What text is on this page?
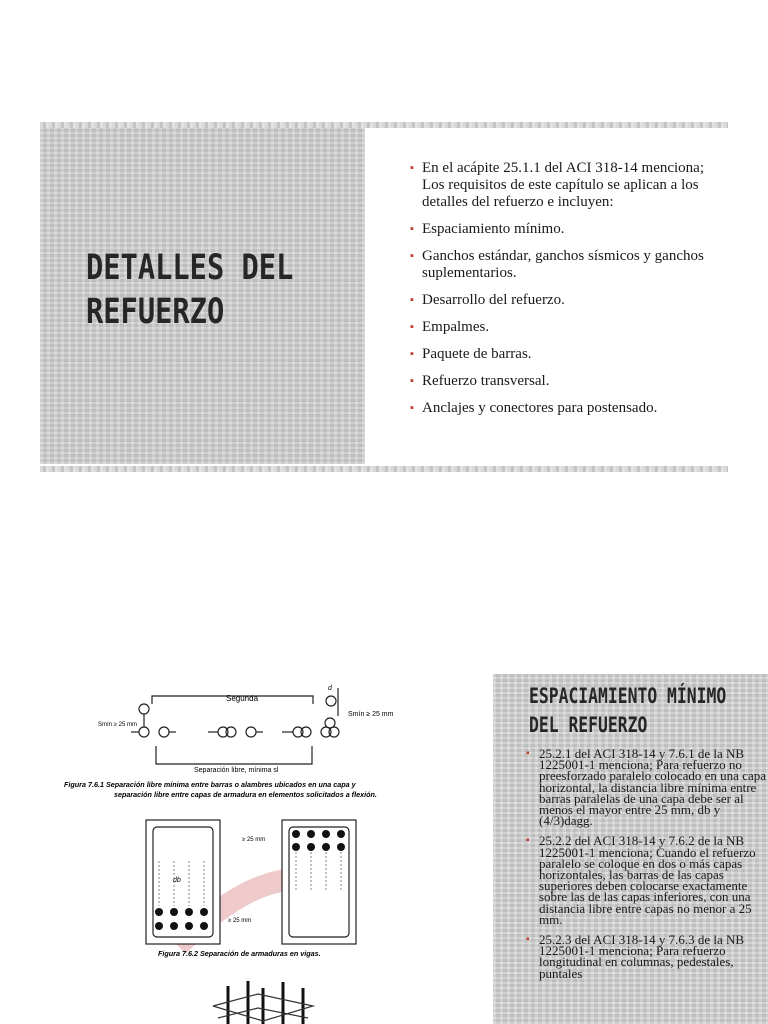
DETALLES DEL REFUERZO
▪ En el acápite 25.1.1 del ACI 318-14 menciona; Los requisitos de este capítulo se aplican a los detalles del refuerzo e incluyen:
▪ Espaciamiento mínimo.
▪ Ganchos estándar, ganchos sísmicos y ganchos suplementarios.
▪ Desarrollo del refuerzo.
▪ Empalmes.
▪ Paquete de barras.
▪ Refuerzo transversal.
▪ Anclajes y conectores para postensado.
Segunda
Smín ≥ 25 mm
Smín ≥ 25 mm
Separación libre, mínima sl
d
Figura 7.6.1 Separación libre mínima entre barras o alambres ubicados en una capa y
separación libre entre capas de armadura en elementos solicitados a flexión.
db
≥ 25 mm
≥ 25 mm
Figura 7.6.2 Separación de armaduras en vigas.
ESPACIAMIENTO MÍNIMO
DEL REFUERZO
▪ 25.2.1 del ACI 318-14 y 7.6.1 de la NB 1225001-1 menciona; Para refuerzo no preesforzado paralelo colocado en una capa horizontal, la distancia libre mínima entre barras paralelas de una capa debe ser al menos el mayor entre 25 mm, db y (4/3)dagg.
▪ 25.2.2 del ACI 318-14 y 7.6.2 de la NB 1225001-1 menciona; Cuando el refuerzo paralelo se coloque en dos o más capas horizontales, las barras de las capas superiores deben colocarse exactamente sobre las de las capas inferiores, con una distancia libre entre capas no menor a 25 mm.
▪ 25.2.3 del ACI 318-14 y 7.6.3 de la NB 1225001-1 menciona; Para refuerzo longitudinal en columnas, pedestales, puntales
